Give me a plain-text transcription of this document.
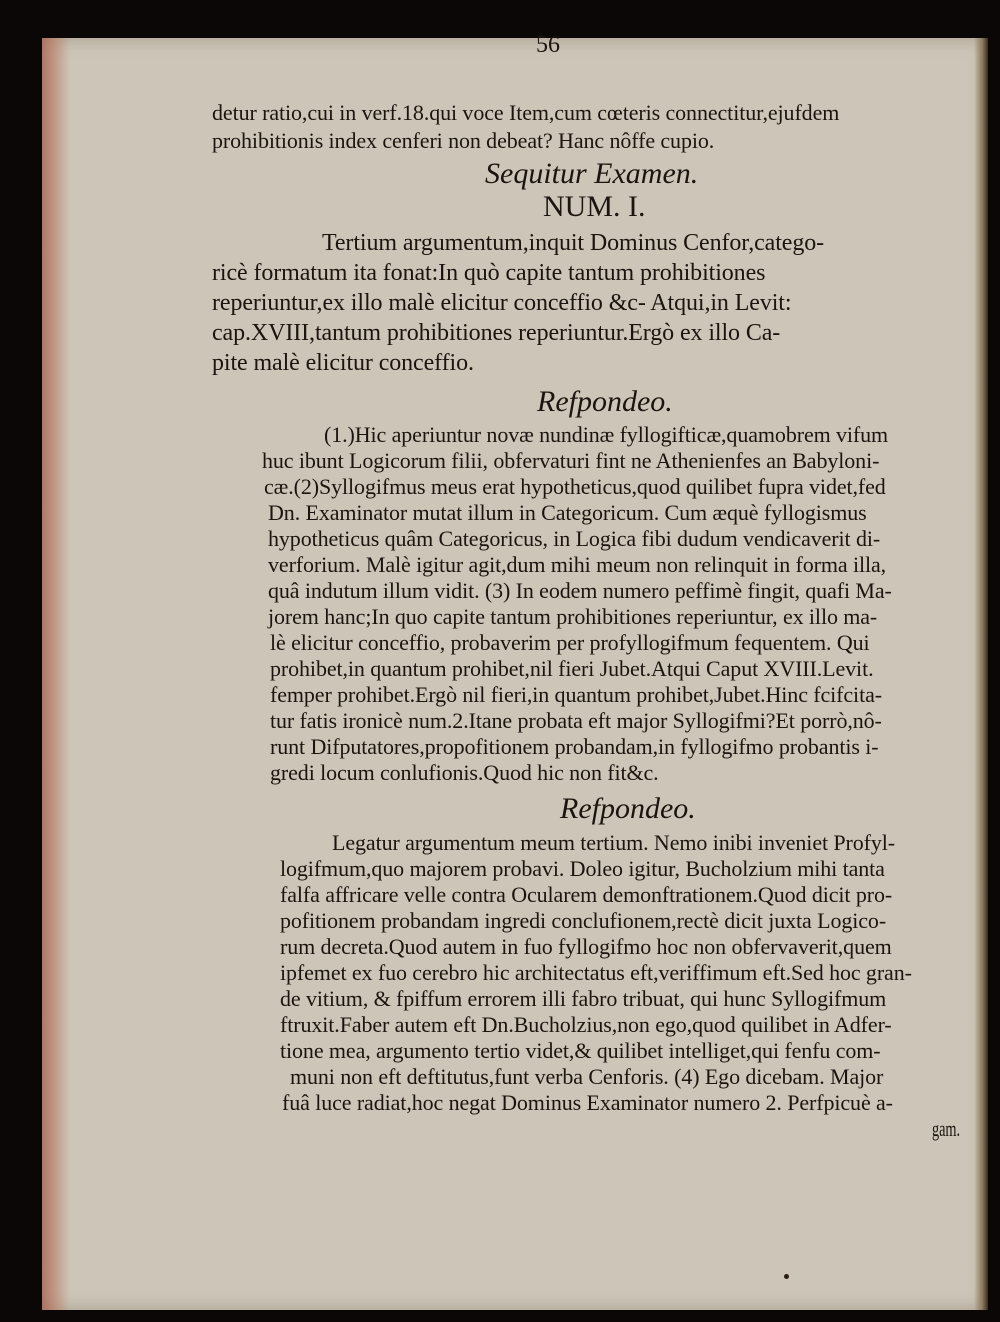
56
detur ratio,cui in verf.18.qui voce Item,cum cœteris connectitur,ejufdem
prohibitionis index cenferi non debeat? Hanc nôffe cupio.
Sequitur Examen.
NUM. I.
Tertium argumentum,inquit Dominus Cenfor,catego-
ricè formatum ita fonat:In quò capite tantum prohibitiones
reperiuntur,ex illo malè elicitur conceffio &c- Atqui,in Levit:
cap.XVIII,tantum prohibitiones reperiuntur.Ergò ex illo Ca-
pite malè elicitur conceffio.
Refpondeo.
(1.)Hic aperiuntur novæ nundinæ fyllogifticæ,quamobrem vifum
huc ibunt Logicorum filii, obfervaturi fint ne Athenienfes an Babyloni-
cæ.(2)Syllogifmus meus erat hypotheticus,quod quilibet fupra videt,fed
Dn. Examinator mutat illum in Categoricum. Cum æquè fyllogismus
hypotheticus quâm Categoricus, in Logica fibi dudum vendicaverit di-
verforium. Malè igitur agit,dum mihi meum non relinquit in forma illa,
quâ indutum illum vidit. (3) In eodem numero peffimè fingit, quafi Ma-
jorem hanc;In quo capite tantum prohibitiones reperiuntur, ex illo ma-
lè elicitur conceffio, probaverim per profyllogifmum fequentem. Qui
prohibet,in quantum prohibet,nil fieri Jubet.Atqui Caput XVIII.Levit.
femper prohibet.Ergò nil fieri,in quantum prohibet,Jubet.Hinc fcifcita-
tur fatis ironicè num.2.Itane probata eft major Syllogifmi?Et porrò,nô-
runt Difputatores,propofitionem probandam,in fyllogifmo probantis i-
gredi locum conlufionis.Quod hic non fit&c.
Refpondeo.
Legatur argumentum meum tertium. Nemo inibi inveniet Profyl-
logifmum,quo majorem probavi. Doleo igitur, Bucholzium mihi tanta
falfa affricare velle contra Ocularem demonftrationem.Quod dicit pro-
pofitionem probandam ingredi conclufionem,rectè dicit juxta Logico-
rum decreta.Quod autem in fuo fyllogifmo hoc non obfervaverit,quem
ipfemet ex fuo cerebro hic architectatus eft,veriffimum eft.Sed hoc gran-
de vitium, & fpiffum errorem illi fabro tribuat, qui hunc Syllogifmum
ftruxit.Faber autem eft Dn.Bucholzius,non ego,quod quilibet in Adfer-
tione mea, argumento tertio videt,& quilibet intelliget,qui fenfu com-
muni non eft deftitutus,funt verba Cenforis. (4) Ego dicebam. Major
fuâ luce radiat,hoc negat Dominus Examinator numero 2. Perfpicuè a-
gam.
